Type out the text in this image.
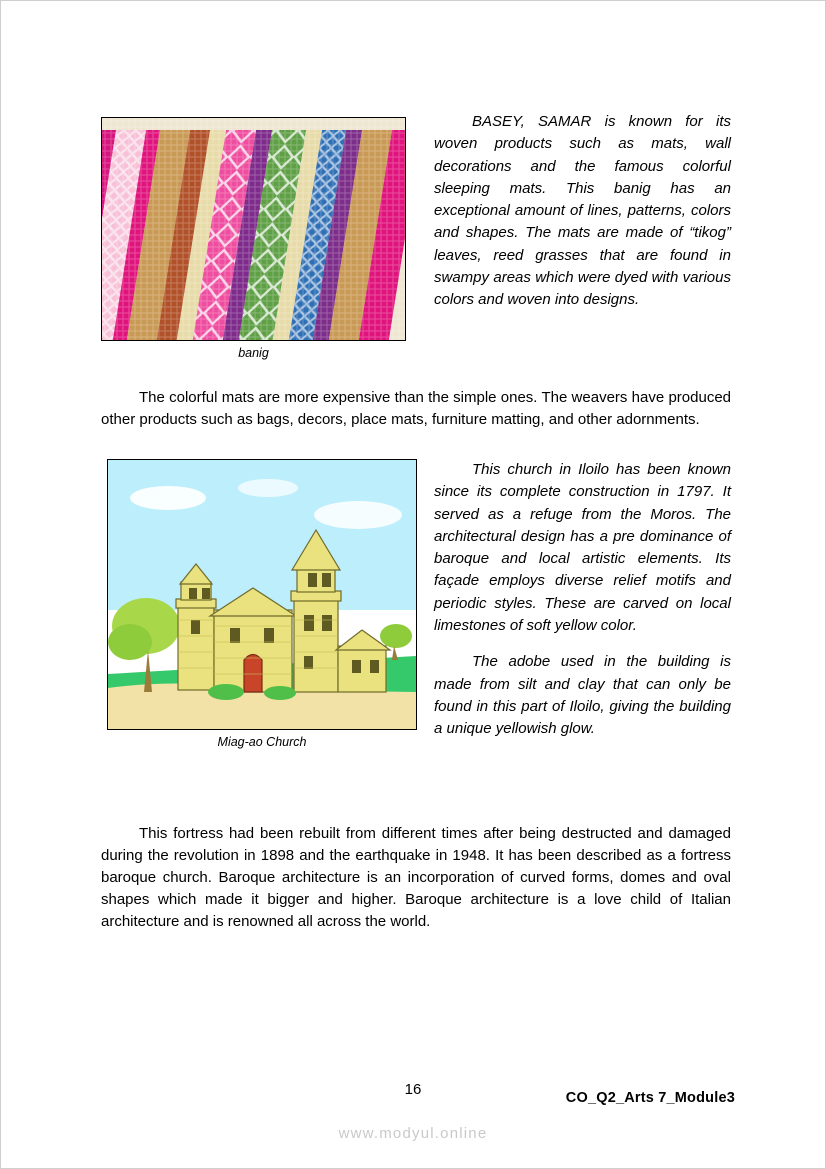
banig
BASEY, SAMAR is known for its woven products such as mats, wall decorations and the famous colorful sleeping mats. This banig has an exceptional amount of lines, patterns, colors and shapes. The mats are made of “tikog” leaves, reed grasses that are found in swampy areas which were dyed with various colors and woven into designs.

The colorful mats are more expensive than the simple ones. The weavers have produced other products such as bags, decors, place mats, furniture matting, and other adornments.

Miag-ao Church

This church in Iloilo has been known since its complete construction in 1797. It served as a refuge from the Moros. The architectural design has a pre dominance of baroque and local artistic elements. Its façade employs diverse relief motifs and periodic styles. These are carved on local limestones of soft yellow color.

The adobe used in the building is made from silt and clay that can only be found in this part of Iloilo, giving the building a unique yellowish glow.

This fortress had been rebuilt from different times after being destructed and damaged during the revolution in 1898 and the earthquake in 1948. It has been described as a fortress baroque church. Baroque architecture is an incorporation of curved forms, domes and oval shapes which made it bigger and higher. Baroque architecture is a love child of Italian architecture and is renowned all across the world.

16	CO_Q2_Arts 7_Module3
www.modyul.online
